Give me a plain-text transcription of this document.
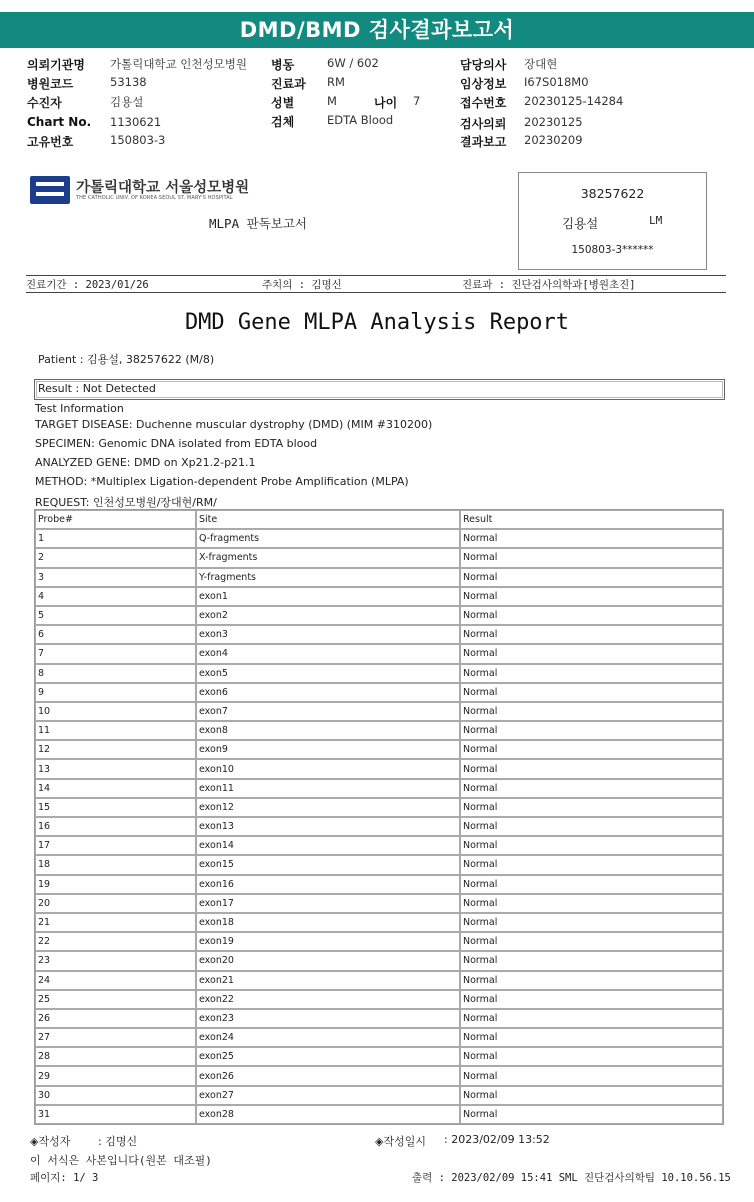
DMD/BMD 검사결과보고서
의뢰기관명 가톨릭대학교 인천성모병원
병원코드	53138
수진자	김용설
Chart No. 1130621
고유번호	150803-3
병동	6W / 602
진료과 RM
성별	M	나이 7
검체	EDTA Blood
담당의사 장대현
임상정보 I67S018M0
접수번호 20230125-14284
검사의뢰 20230125
결과보고 20230209
가톨릭대학교 서울성모병원
THE CATHOLIC UNIV. OF KOREA SEOUL ST. MARY'S HOSPITAL
MLPA 판독보고서
38257622
김용설	LM
150803-3******
진료기간 : 2023/01/26	주치의 : 김명신	진료과 : 진단검사의학과[병원초진]
DMD Gene MLPA Analysis Report
Patient : 김용설, 38257622 (M/8)
Result : Not Detected
Test Information
TARGET DISEASE: Duchenne muscular dystrophy (DMD) (MIM #310200)
SPECIMEN: Genomic DNA isolated from EDTA blood
ANALYZED GENE: DMD on Xp21.2-p21.1
METHOD: *Multiplex Ligation-dependent Probe Amplification (MLPA)
REQUEST: 인천성모병원/장대현/RM/
Probe#	Site	Result
1	Q-fragments	Normal
2	X-fragments	Normal
3	Y-fragments	Normal
4	exon1	Normal
5	exon2	Normal
6	exon3	Normal
7	exon4	Normal
8	exon5	Normal
9	exon6	Normal
10	exon7	Normal
11	exon8	Normal
12	exon9	Normal
13	exon10	Normal
14	exon11	Normal
15	exon12	Normal
16	exon13	Normal
17	exon14	Normal
18	exon15	Normal
19	exon16	Normal
20	exon17	Normal
21	exon18	Normal
22	exon19	Normal
23	exon20	Normal
24	exon21	Normal
25	exon22	Normal
26	exon23	Normal
27	exon24	Normal
28	exon25	Normal
29	exon26	Normal
30	exon27	Normal
31	exon28	Normal
◈작성자	: 김명신	◈작성일시 : 2023/02/09 13:52
이 서식은 사본입니다(원본 대조필)
페이지: 1/ 3	출력 : 2023/02/09 15:41 SML 진단검사의학팀 10.10.56.15
